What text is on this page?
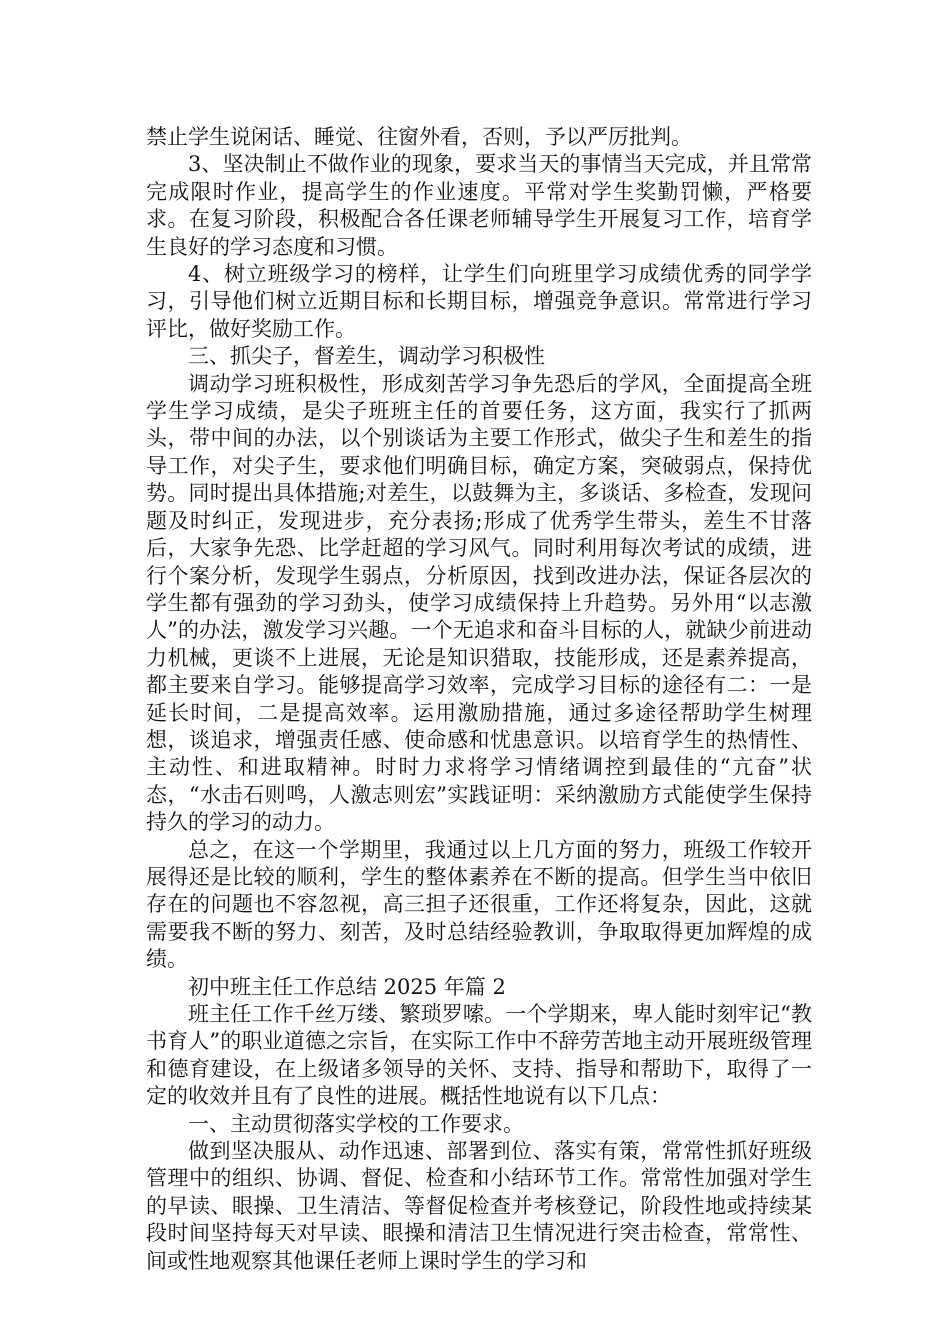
禁止学生说闲话、睡觉、往窗外看，否则，予以严厉批判。

3、坚决制止不做作业的现象，要求当天的事情当天完成，并且常常完成限时作业，提高学生的作业速度。平常对学生奖勤罚懒，严格要求。在复习阶段，积极配合各任课老师辅导学生开展复习工作，培育学生良好的学习态度和习惯。

4、树立班级学习的榜样，让学生们向班里学习成绩优秀的同学学习，引导他们树立近期目标和长期目标，增强竞争意识。常常进行学习评比，做好奖励工作。

三、抓尖子，督差生，调动学习积极性

调动学习班积极性，形成刻苦学习争先恐后的学风，全面提高全班学生学习成绩，是尖子班班主任的首要任务，这方面，我实行了抓两头，带中间的办法，以个别谈话为主要工作形式，做尖子生和差生的指导工作，对尖子生，要求他们明确目标，确定方案，突破弱点，保持优势。同时提出具体措施;对差生，以鼓舞为主，多谈话、多检查，发现问题及时纠正，发现进步，充分表扬;形成了优秀学生带头，差生不甘落后，大家争先恐、比学赶超的学习风气。同时利用每次考试的成绩，进行个案分析，发现学生弱点，分析原因，找到改进办法，保证各层次的学生都有强劲的学习劲头，使学习成绩保持上升趋势。另外用“以志激人”的办法，激发学习兴趣。一个无追求和奋斗目标的人，就缺少前进动力机械，更谈不上进展，无论是知识猎取，技能形成，还是素养提高，都主要来自学习。能够提高学习效率，完成学习目标的途径有二：一是延长时间，二是提高效率。运用激励措施，通过多途径帮助学生树理想，谈追求，增强责任感、使命感和忧患意识。以培育学生的热情性、主动性、和进取精神。时时力求将学习情绪调控到最佳的“亢奋”状态，“水击石则鸣，人激志则宏”实践证明：采纳激励方式能使学生保持持久的学习的动力。

总之，在这一个学期里，我通过以上几方面的努力，班级工作较开展得还是比较的顺利，学生的整体素养在不断的提高。但学生当中依旧存在的问题也不容忽视，高三担子还很重，工作还将复杂，因此，这就需要我不断的努力、刻苦，及时总结经验教训，争取取得更加辉煌的成绩。

初中班主任工作总结 2025 年篇 2

班主任工作千丝万缕、繁琐罗嗦。一个学期来，卑人能时刻牢记“教书育人”的职业道德之宗旨，在实际工作中不辞劳苦地主动开展班级管理和德育建设，在上级诸多领导的关怀、支持、指导和帮助下，取得了一定的收效并且有了良性的进展。概括性地说有以下几点：

一、主动贯彻落实学校的工作要求。

做到坚决服从、动作迅速、部署到位、落实有策，常常性抓好班级管理中的组织、协调、督促、检查和小结环节工作。常常性加强对学生的早读、眼操、卫生清洁、等督促检查并考核登记，阶段性地或持续某段时间坚持每天对早读、眼操和清洁卫生情况进行突击检查，常常性、间或性地观察其他课任老师上课时学生的学习和
